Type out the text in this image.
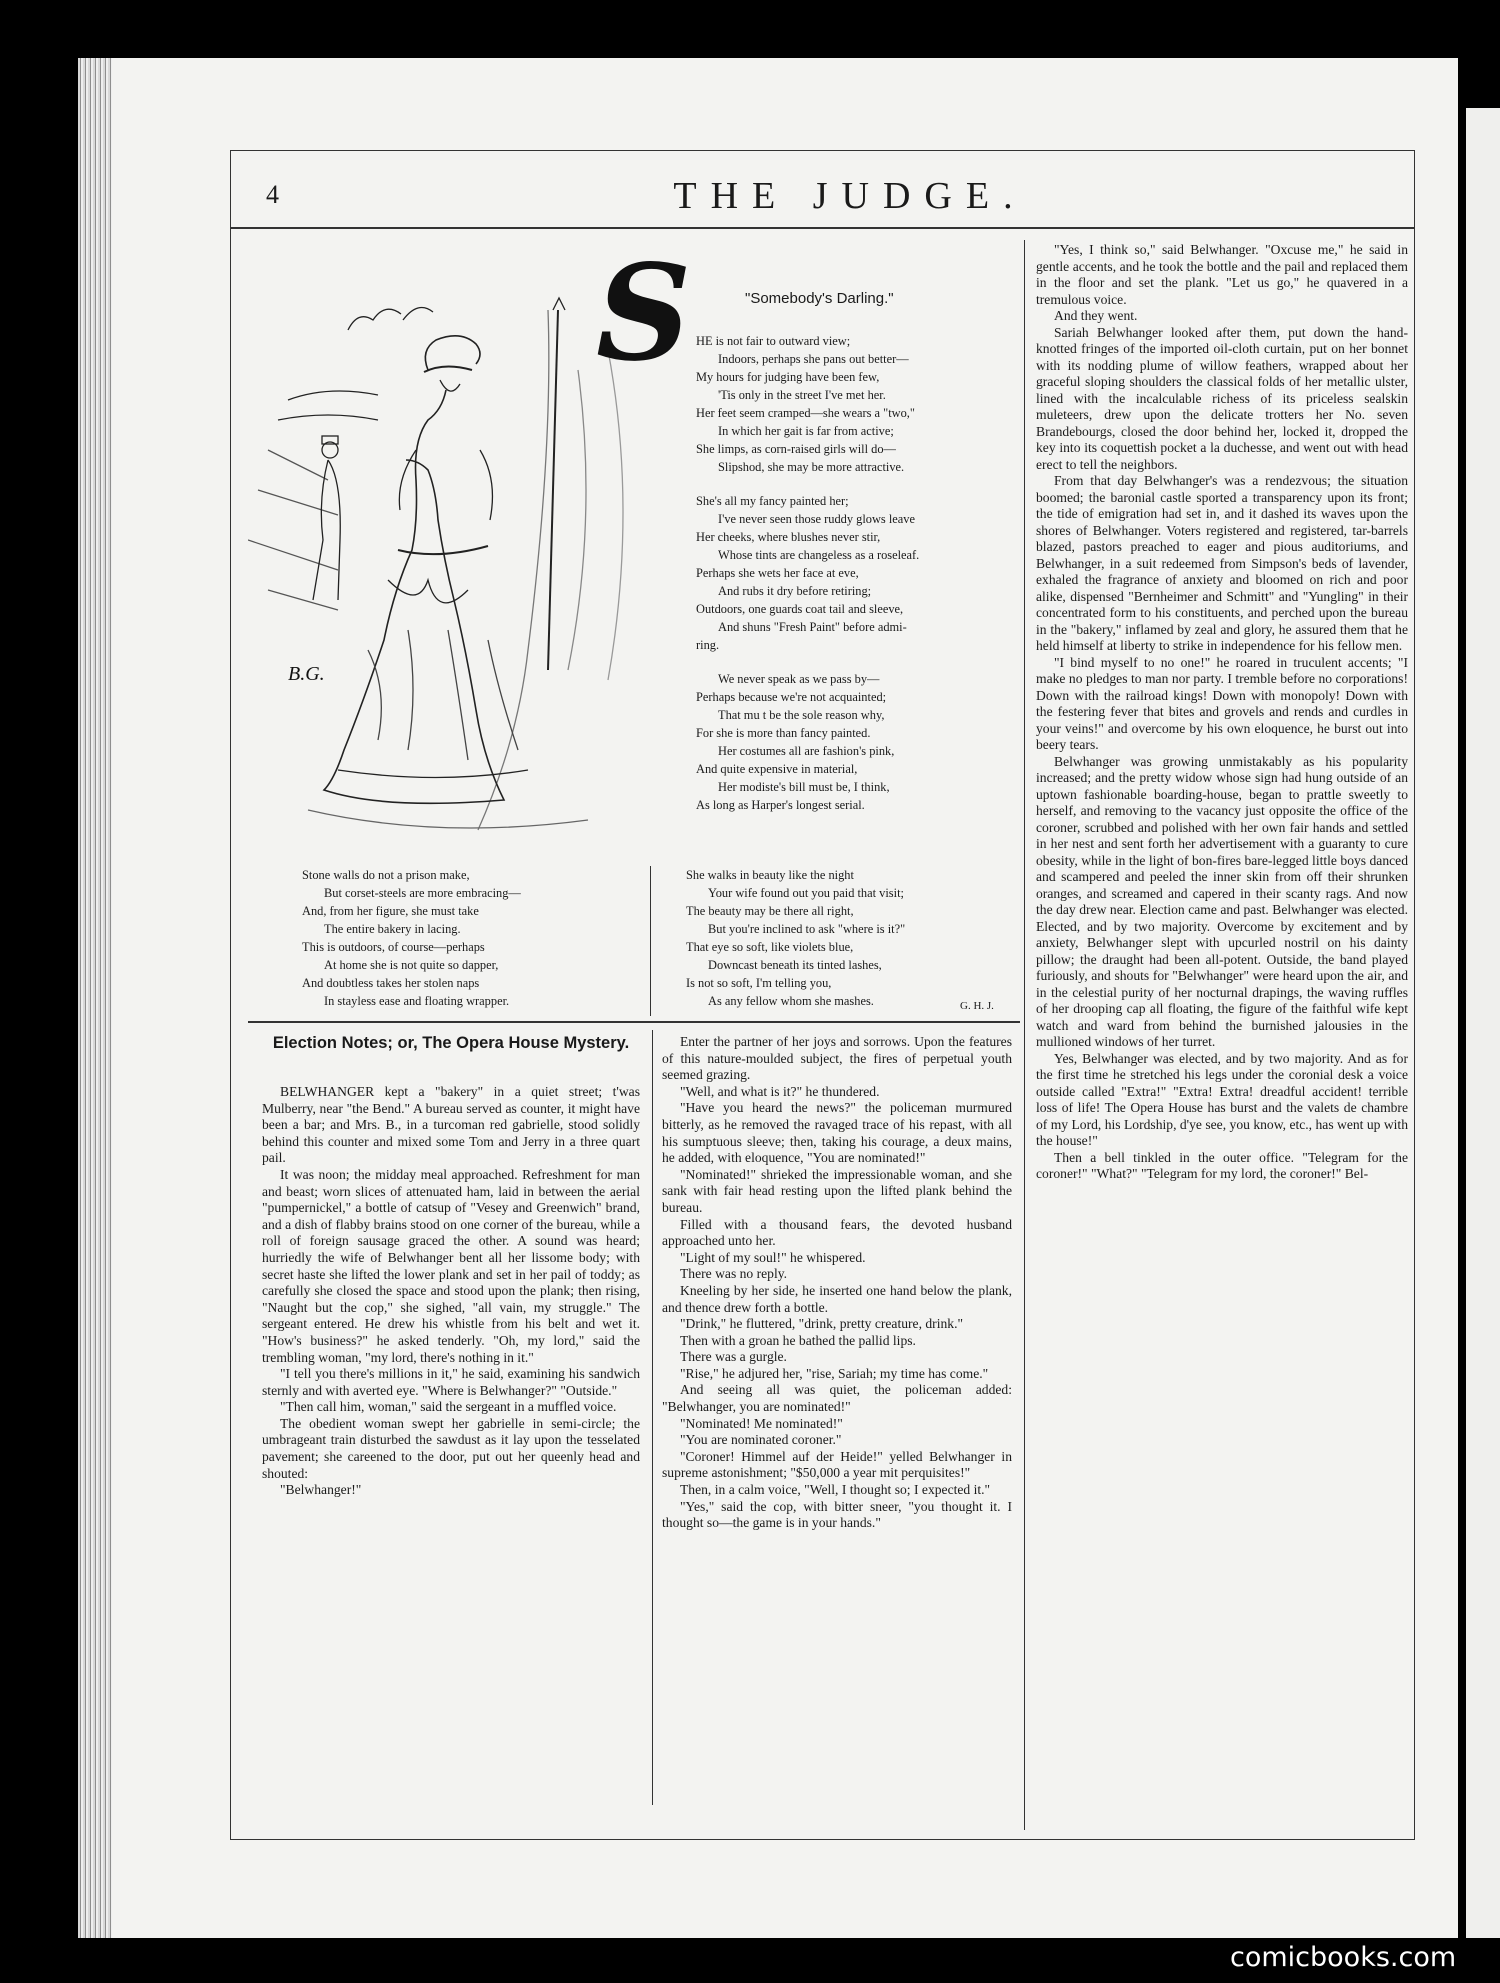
4	THE JUDGE.
B.G.
S	"Somebody's Darling."
HE is not fair to outward view;
Indoors, perhaps she pans out better—
My hours for judging have been few,
'Tis only in the street I've met her.
Her feet seem cramped—she wears a "two,"
In which her gait is far from active;
She limps, as corn-raised girls will do—
Slipshod, she may be more attractive.
She's all my fancy painted her;
I've never seen those ruddy glows leave
Her cheeks, where blushes never stir,
Whose tints are changeless as a roseleaf.
Perhaps she wets her face at eve,
And rubs it dry before retiring;
Outdoors, one guards coat tail and sleeve,
And shuns "Fresh Paint" before admi-
ring.
We never speak as we pass by—
Perhaps because we're not acquainted;
That mu t be the sole reason why,
For she is more than fancy painted.
Her costumes all are fashion's pink,
And quite expensive in material,
Her modiste's bill must be, I think,
As long as Harper's longest serial.
Stone walls do not a prison make,
But corset-steels are more embracing—
And, from her figure, she must take
The entire bakery in lacing.
This is outdoors, of course—perhaps
At home she is not quite so dapper,
And doubtless takes her stolen naps
In stayless ease and floating wrapper.
She walks in beauty like the night
Your wife found out you paid that visit;
The beauty may be there all right,
But you're inclined to ask "where is it?"
That eye so soft, like violets blue,
Downcast beneath its tinted lashes,
Is not so soft, I'm telling you,
As any fellow whom she mashes.	G. H. J.
Election Notes; or, The Opera House Mystery.

BELWHANGER kept a "bakery" in a quiet street; t'was Mulberry, near "the Bend." A bureau served as counter, it might have been a bar; and Mrs. B., in a turcoman red gabrielle, stood solidly behind this counter and mixed some Tom and Jerry in a three quart pail.

It was noon; the midday meal approached. Refreshment for man and beast; worn slices of attenuated ham, laid in between the aerial "pumpernickel," a bottle of catsup of "Vesey and Greenwich" brand, and a dish of flabby brains stood on one corner of the bureau, while a roll of foreign sausage graced the other. A sound was heard; hurriedly the wife of Belwhanger bent all her lissome body; with secret haste she lifted the lower plank and set in her pail of toddy; as carefully she closed the space and stood upon the plank; then rising, "Naught but the cop," she sighed, "all vain, my struggle." The sergeant entered. He drew his whistle from his belt and wet it. "How's business?" he asked tenderly. "Oh, my lord," said the trembling woman, "my lord, there's nothing in it."

"I tell you there's millions in it," he said, examining his sandwich sternly and with averted eye. "Where is Belwhanger?" "Outside."

"Then call him, woman," said the sergeant in a muffled voice.

The obedient woman swept her gabrielle in semi-circle; the umbrageant train disturbed the sawdust as it lay upon the tesselated pavement; she careened to the door, put out her queenly head and shouted:

"Belwhanger!"

Enter the partner of her joys and sorrows. Upon the features of this nature-moulded subject, the fires of perpetual youth seemed grazing.

"Well, and what is it?" he thundered.

"Have you heard the news?" the policeman murmured bitterly, as he removed the ravaged trace of his repast, with all his sumptuous sleeve; then, taking his courage, a deux mains, he added, with eloquence, "You are nominated!"

"Nominated!" shrieked the impressionable woman, and she sank with fair head resting upon the lifted plank behind the bureau.

Filled with a thousand fears, the devoted husband approached unto her.

"Light of my soul!" he whispered.

There was no reply.

Kneeling by her side, he inserted one hand below the plank, and thence drew forth a bottle.

"Drink," he fluttered, "drink, pretty creature, drink."

Then with a groan he bathed the pallid lips.

There was a gurgle.

"Rise," he adjured her, "rise, Sariah; my time has come."

And seeing all was quiet, the policeman added: "Belwhanger, you are nominated!"

"Nominated! Me nominated!"

"You are nominated coroner."

"Coroner! Himmel auf der Heide!" yelled Belwhanger in supreme astonishment; "$50,000 a year mit perquisites!"

Then, in a calm voice, "Well, I thought so; I expected it."

"Yes," said the cop, with bitter sneer, "you thought it. I thought so—the game is in your hands."

"Yes, I think so," said Belwhanger. "Oxcuse me," he said in gentle accents, and he took the bottle and the pail and replaced them in the floor and set the plank. "Let us go," he quavered in a tremulous voice.

And they went.

Sariah Belwhanger looked after them, put down the hand-knotted fringes of the imported oil-cloth curtain, put on her bonnet with its nodding plume of willow feathers, wrapped about her graceful sloping shoulders the classical folds of her metallic ulster, lined with the incalculable richess of its priceless sealskin muleteers, drew upon the delicate trotters her No. seven Brandebourgs, closed the door behind her, locked it, dropped the key into its coquettish pocket a la duchesse, and went out with head erect to tell the neighbors.

From that day Belwhanger's was a rendezvous; the situation boomed; the baronial castle sported a transparency upon its front; the tide of emigration had set in, and it dashed its waves upon the shores of Belwhanger. Voters registered and registered, tar-barrels blazed, pastors preached to eager and pious auditoriums, and Belwhanger, in a suit redeemed from Simpson's beds of lavender, exhaled the fragrance of anxiety and bloomed on rich and poor alike, dispensed "Bernheimer and Schmitt" and "Yungling" in their concentrated form to his constituents, and perched upon the bureau in the "bakery," inflamed by zeal and glory, he assured them that he held himself at liberty to strike in independence for his fellow men.

"I bind myself to no one!" he roared in truculent accents; "I make no pledges to man nor party. I tremble before no corporations! Down with the railroad kings! Down with monopoly! Down with the festering fever that bites and grovels and rends and curdles in your veins!" and overcome by his own eloquence, he burst out into beery tears.

Belwhanger was growing unmistakably as his popularity increased; and the pretty widow whose sign had hung outside of an uptown fashionable boarding-house, began to prattle sweetly to herself, and removing to the vacancy just opposite the office of the coroner, scrubbed and polished with her own fair hands and settled in her nest and sent forth her advertisement with a guaranty to cure obesity, while in the light of bon-fires bare-legged little boys danced and scampered and peeled the inner skin from off their shrunken oranges, and screamed and capered in their scanty rags. And now the day drew near. Election came and past. Belwhanger was elected. Elected, and by two majority. Overcome by excitement and by anxiety, Belwhanger slept with upcurled nostril on his dainty pillow; the draught had been all-potent. Outside, the band played furiously, and shouts for "Belwhanger" were heard upon the air, and in the celestial purity of her nocturnal drapings, the waving ruffles of her drooping cap all floating, the figure of the faithful wife kept watch and ward from behind the burnished jalousies in the mullioned windows of her turret.

Yes, Belwhanger was elected, and by two majority. And as for the first time he stretched his legs under the coronial desk a voice outside called "Extra!" "Extra! Extra! dreadful accident! terrible loss of life! The Opera House has burst and the valets de chambre of my Lord, his Lordship, d'ye see, you know, etc., has went up with the house!"

Then a bell tinkled in the outer office. "Telegram for the coroner!" "What?" "Telegram for my lord, the coroner!" Bel-

comicbooks.com
